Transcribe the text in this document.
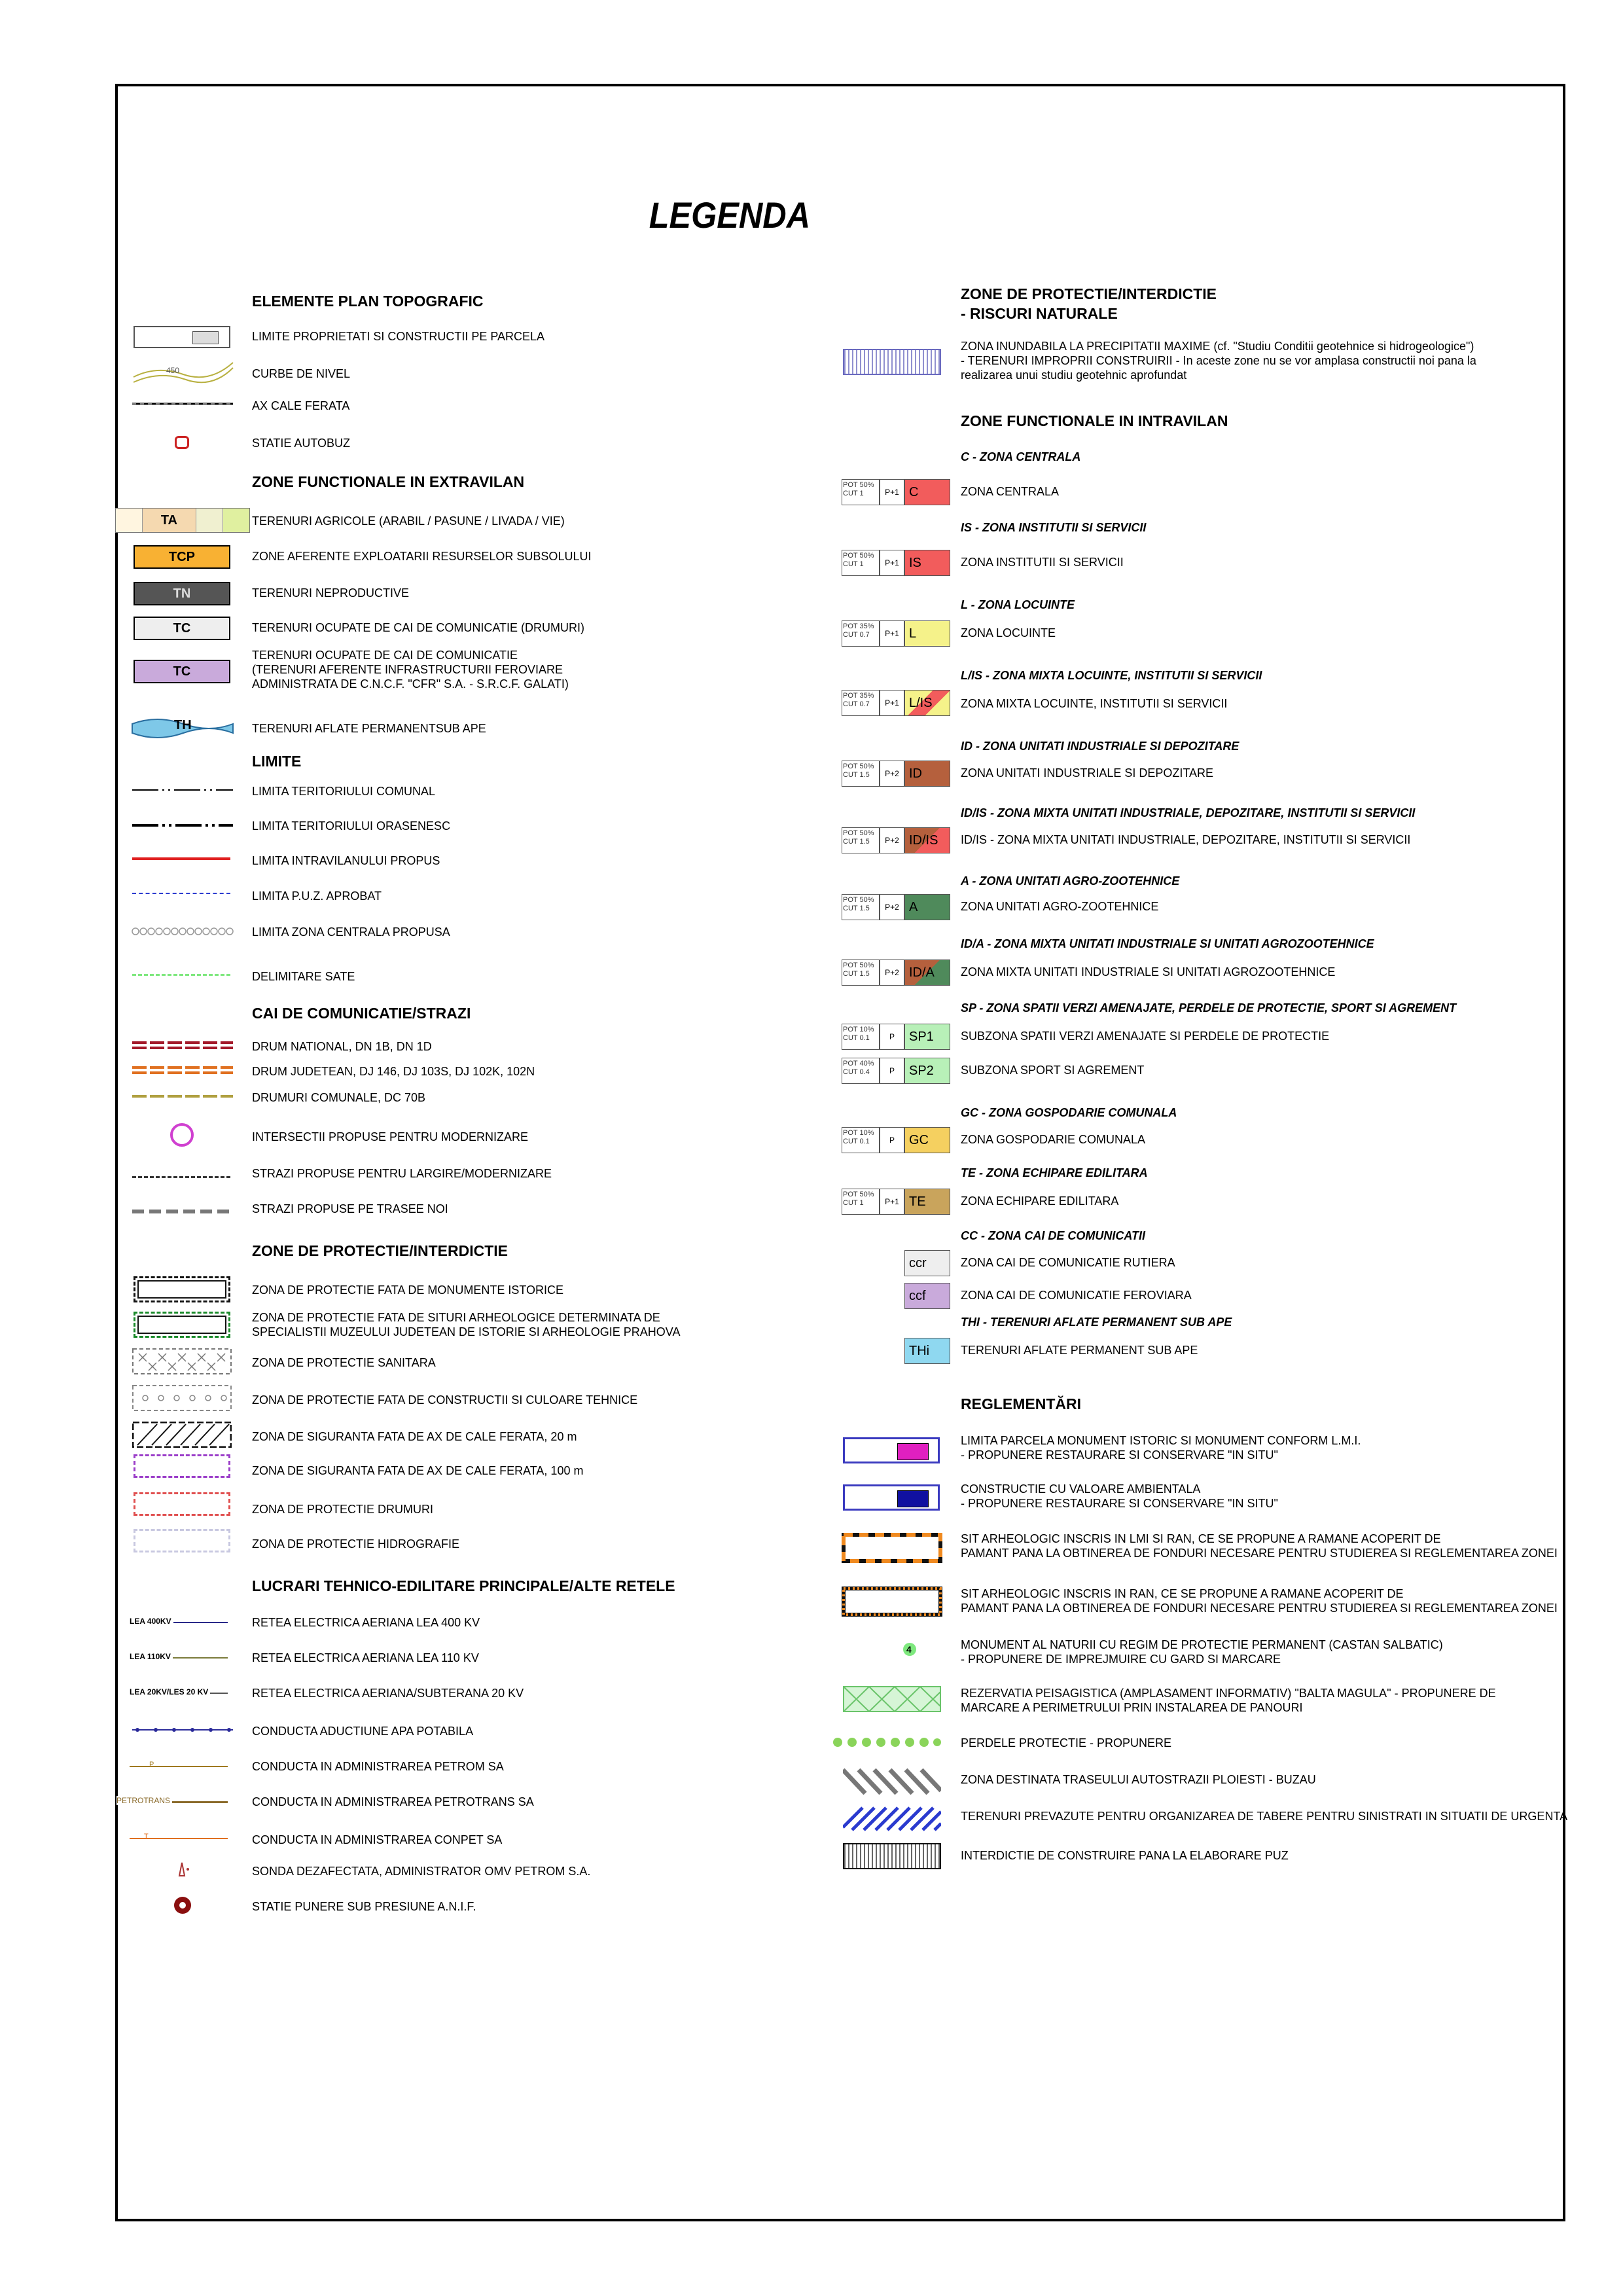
LEGENDA
ELEMENTE PLAN TOPOGRAFIC
LIMITE PROPRIETATI SI CONSTRUCTII PE PARCELA
450	CURBE DE NIVEL
AX CALE FERATA
STATIE AUTOBUZ
ZONE FUNCTIONALE IN EXTRAVILAN
TA	TERENURI AGRICOLE (ARABIL / PASUNE / LIVADA / VIE)
TCP	ZONE AFERENTE EXPLOATARII RESURSELOR SUBSOLULUI
TN	TERENURI NEPRODUCTIVE
TC	TERENURI OCUPATE DE CAI DE COMUNICATIE (DRUMURI)
TC
TERENURI OCUPATE DE CAI DE COMUNICATIE
(TERENURI AFERENTE INFRASTRUCTURII FEROVIARE
ADMINISTRATA DE C.N.C.F. "CFR" S.A. - S.R.C.F. GALATI)
TH	TERENURI AFLATE PERMANENTSUB APE
LIMITE
LIMITA TERITORIULUI COMUNAL
LIMITA TERITORIULUI ORASENESC
LIMITA INTRAVILANULUI PROPUS
LIMITA P.U.Z. APROBAT
LIMITA ZONA CENTRALA PROPUSA
DELIMITARE SATE
CAI DE COMUNICATIE/STRAZI
DRUM NATIONAL, DN 1B, DN 1D
DRUM JUDETEAN, DJ 146, DJ 103S, DJ 102K, 102N
DRUMURI COMUNALE, DC 70B
INTERSECTII PROPUSE PENTRU MODERNIZARE
STRAZI PROPUSE PENTRU LARGIRE/MODERNIZARE
STRAZI PROPUSE PE TRASEE NOI
ZONE DE PROTECTIE/INTERDICTIE
ZONA DE PROTECTIE FATA DE MONUMENTE ISTORICE
ZONA DE PROTECTIE FATA DE SITURI ARHEOLOGICE DETERMINATA DE
SPECIALISTII MUZEULUI JUDETEAN DE ISTORIE SI ARHEOLOGIE PRAHOVA
ZONA DE PROTECTIE SANITARA
ZONA DE PROTECTIE FATA DE CONSTRUCTII SI CULOARE TEHNICE
ZONA DE SIGURANTA FATA DE AX DE CALE FERATA, 20 m
ZONA DE SIGURANTA FATA DE AX DE CALE FERATA, 100 m
ZONA DE PROTECTIE DRUMURI
ZONA DE PROTECTIE HIDROGRAFIE
LUCRARI TEHNICO-EDILITARE PRINCIPALE/ALTE RETELE
LEA 400KV	RETEA ELECTRICA AERIANA LEA 400 KV
LEA 110KV	RETEA ELECTRICA AERIANA LEA 110 KV
LEA 20KV/LES 20 KV	RETEA ELECTRICA AERIANA/SUBTERANA 20 KV
CONDUCTA ADUCTIUNE APA POTABILA
P	CONDUCTA IN ADMINISTRAREA PETROM SA
PETROTRANS	CONDUCTA IN ADMINISTRAREA PETROTRANS SA
T	CONDUCTA IN ADMINISTRAREA CONPET SA
SONDA DEZAFECTATA, ADMINISTRATOR OMV PETROM S.A.
STATIE PUNERE SUB PRESIUNE A.N.I.F.
ZONE DE PROTECTIE/INTERDICTIE
- RISCURI NATURALE
ZONA INUNDABILA LA PRECIPITATII MAXIME (cf. "Studiu Conditii geotehnice si hidrogeologice")
- TERENURI IMPROPRII CONSTRUIRII - In aceste zone nu se vor amplasa constructii noi pana la
realizarea unui studiu geotehnic aprofundat
ZONE FUNCTIONALE IN INTRAVILAN
C - ZONA CENTRALA
POT 50%
CUT 1	P+1 C	ZONA CENTRALA
IS - ZONA INSTITUTII SI SERVICII
POT 50%
CUT 1	P+1 IS	ZONA INSTITUTII SI SERVICII
L - ZONA LOCUINTE
POT 35%
CUT 0.7	P+1 L	ZONA LOCUINTE
L/IS - ZONA MIXTA LOCUINTE, INSTITUTII SI SERVICII
POT 35%
CUT 0.7	P+1 L/IS	ZONA MIXTA LOCUINTE, INSTITUTII SI SERVICII
ID - ZONA UNITATI INDUSTRIALE SI DEPOZITARE
POT 50%
CUT 1.5	P+2 ID	ZONA UNITATI INDUSTRIALE SI DEPOZITARE
ID/IS - ZONA MIXTA UNITATI INDUSTRIALE, DEPOZITARE, INSTITUTII SI SERVICII
POT 50%
CUT 1.5	P+2 ID/IS	ID/IS - ZONA MIXTA UNITATI INDUSTRIALE, DEPOZITARE, INSTITUTII SI SERVICII
A - ZONA UNITATI AGRO-ZOOTEHNICE
POT 50%
CUT 1.5	P+2 A	ZONA UNITATI AGRO-ZOOTEHNICE
ID/A - ZONA MIXTA UNITATI INDUSTRIALE SI UNITATI AGROZOOTEHNICE
POT 50%
CUT 1.5	P+2 ID/A	ZONA MIXTA UNITATI INDUSTRIALE SI UNITATI AGROZOOTEHNICE
SP - ZONA SPATII VERZI AMENAJATE, PERDELE DE PROTECTIE, SPORT SI AGREMENT
POT 10%
CUT 0.1	P	SP1	SUBZONA SPATII VERZI AMENAJATE SI PERDELE DE PROTECTIE
POT 40%
CUT 0.4	P	SP2	SUBZONA SPORT SI AGREMENT
GC - ZONA GOSPODARIE COMUNALA
POT 10%
CUT 0.1	P	GC	ZONA GOSPODARIE COMUNALA
TE - ZONA ECHIPARE EDILITARA
POT 50%
CUT 1	P+1 TE	ZONA ECHIPARE EDILITARA
CC - ZONA CAI DE COMUNICATII
ccr	ZONA CAI DE COMUNICATIE RUTIERA
ccf	ZONA CAI DE COMUNICATIE FEROVIARA
THI - TERENURI AFLATE PERMANENT SUB APE
THi	TERENURI AFLATE PERMANENT SUB APE
REGLEMENTĂRI
LIMITA PARCELA MONUMENT ISTORIC SI MONUMENT CONFORM L.M.I.
- PROPUNERE RESTAURARE SI CONSERVARE "IN SITU"
CONSTRUCTIE CU VALOARE AMBIENTALA
- PROPUNERE RESTAURARE SI CONSERVARE "IN SITU"
SIT ARHEOLOGIC INSCRIS IN LMI SI RAN, CE SE PROPUNE A RAMANE ACOPERIT DE
PAMANT PANA LA OBTINEREA DE FONDURI NECESARE PENTRU STUDIEREA SI REGLEMENTAREA ZONEI
SIT ARHEOLOGIC INSCRIS IN RAN, CE SE PROPUNE A RAMANE ACOPERIT DE
PAMANT PANA LA OBTINEREA DE FONDURI NECESARE PENTRU STUDIEREA SI REGLEMENTAREA ZONEI
4	MONUMENT AL NATURII CU REGIM DE PROTECTIE PERMANENT (CASTAN SALBATIC)
- PROPUNERE DE IMPREJMUIRE CU GARD SI MARCARE
REZERVATIA PEISAGISTICA (AMPLASAMENT INFORMATIV) "BALTA MAGULA" - PROPUNERE DE
MARCARE A PERIMETRULUI PRIN INSTALAREA DE PANOURI
PERDELE PROTECTIE - PROPUNERE
ZONA DESTINATA TRASEULUI AUTOSTRAZII PLOIESTI - BUZAU
TERENURI PREVAZUTE PENTRU ORGANIZAREA DE TABERE PENTRU SINISTRATI IN SITUATII DE URGENTA
INTERDICTIE DE CONSTRUIRE PANA LA ELABORARE PUZ
